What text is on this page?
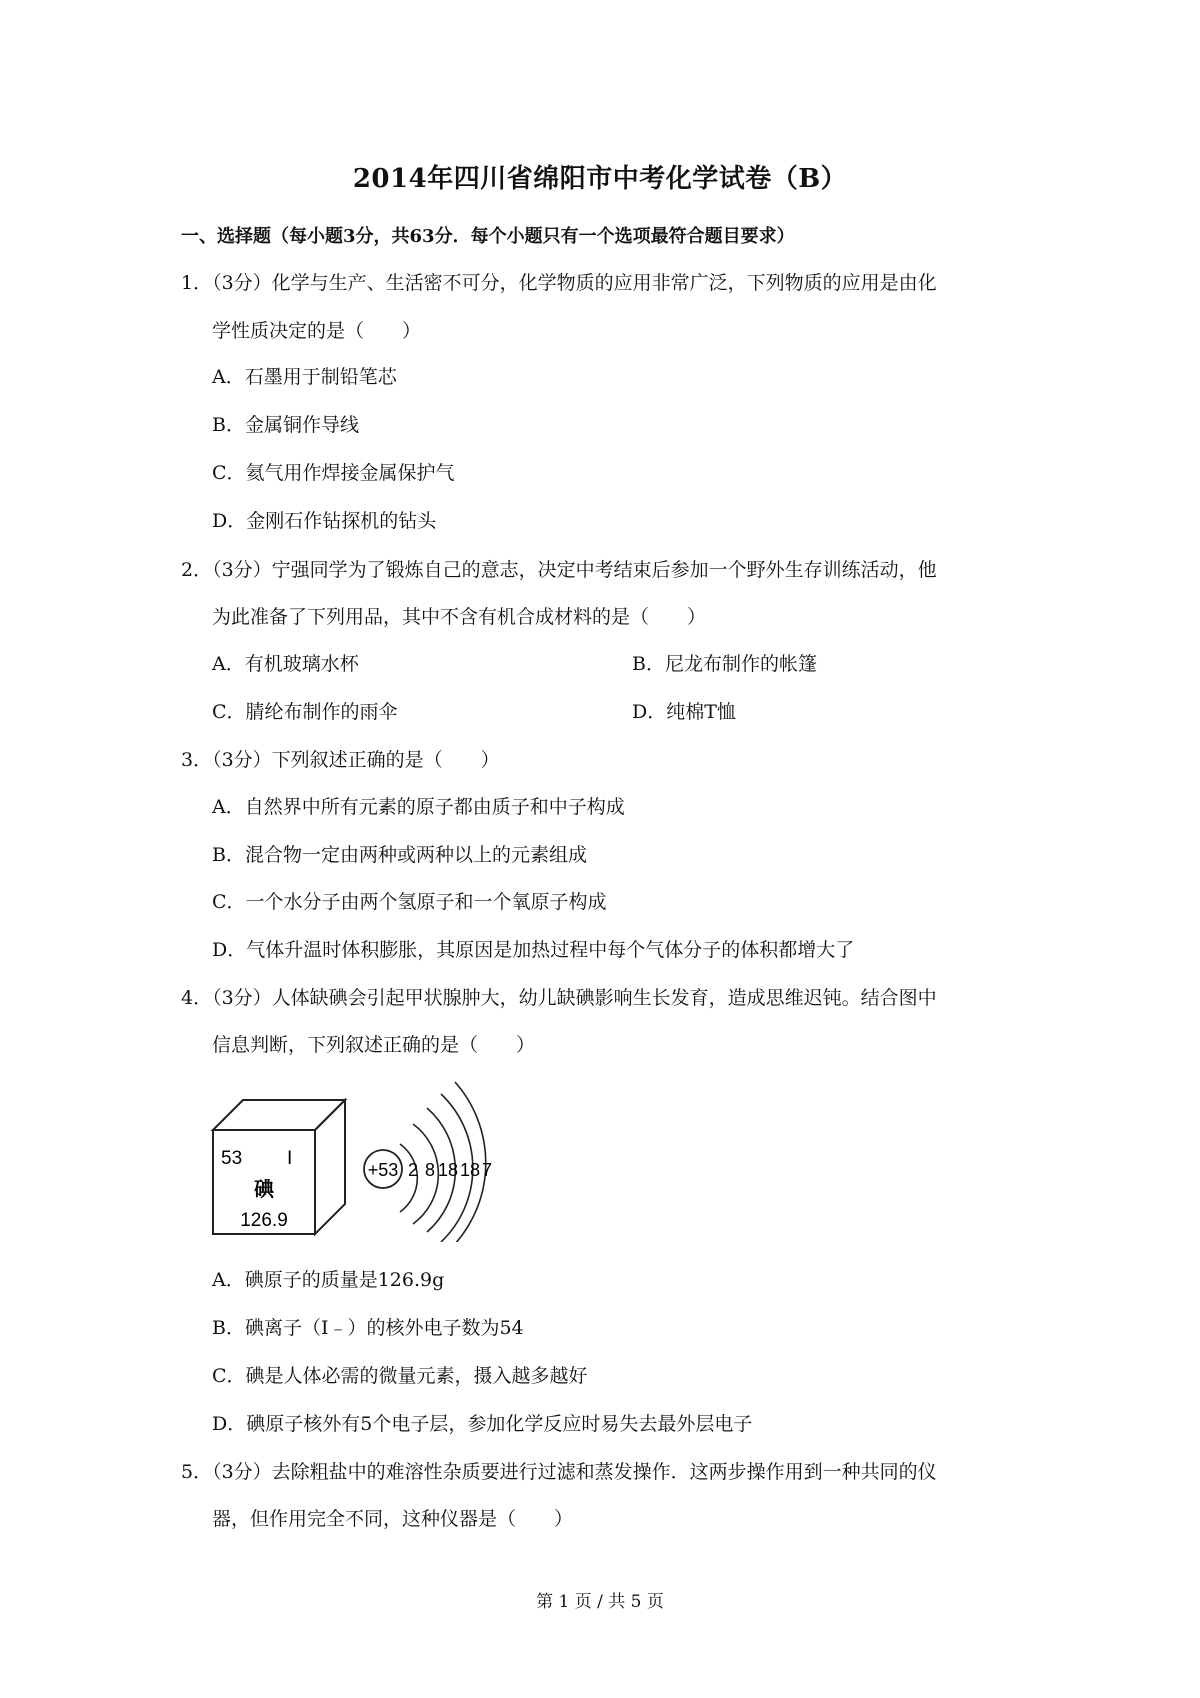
2014年四川省绵阳市中考化学试卷（B）
一、选择题（每小题3分，共63分．每个小题只有一个选项最符合题目要求）
1．（3分）化学与生产、生活密不可分，化学物质的应用非常广泛，下列物质的应用是由化
学性质决定的是（　　）
A．石墨用于制铅笔芯
B．金属铜作导线
C．氦气用作焊接金属保护气
D．金刚石作钻探机的钻头
2．（3分）宁强同学为了锻炼自己的意志，决定中考结束后参加一个野外生存训练活动，他
为此准备了下列用品，其中不含有机合成材料的是（　　）
A．有机玻璃水杯	B．尼龙布制作的帐篷
C．腈纶布制作的雨伞	D．纯棉T恤
3．（3分）下列叙述正确的是（　　）
A．自然界中所有元素的原子都由质子和中子构成
B．混合物一定由两种或两种以上的元素组成
C．一个水分子由两个氢原子和一个氧原子构成
D．气体升温时体积膨胀，其原因是加热过程中每个气体分子的体积都增大了
4．（3分）人体缺碘会引起甲状腺肿大，幼儿缺碘影响生长发育，造成思维迟钝。结合图中
信息判断，下列叙述正确的是（　　）
53 I
碘
126.9
+53 2 8 18 18 7
A．碘原子的质量是126.9g
B．碘离子（I﹣）的核外电子数为54
C．碘是人体必需的微量元素，摄入越多越好
D．碘原子核外有5个电子层，参加化学反应时易失去最外层电子
5．（3分）去除粗盐中的难溶性杂质要进行过滤和蒸发操作．这两步操作用到一种共同的仪
器，但作用完全不同，这种仪器是（　　）
第 1 页 / 共 5 页
